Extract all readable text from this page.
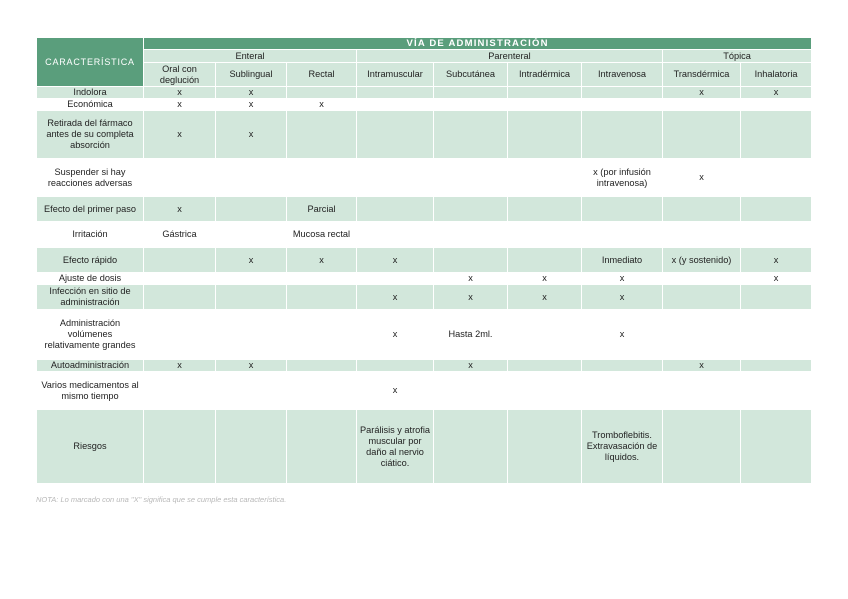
CARACTERÍSTICA	VÍA DE ADMINISTRACIÓN								
	Enteral			Parenteral				Tópica	
	Oral con deglución	Sublingual	Rectal	Intramuscular	Subcutánea	Intradérmica	Intravenosa	Transdérmica	Inhalatoria
Indolora	x	x						x	x
Económica	x	x	x						
Retirada del fármaco antes de su completa absorción	x	x							
Suspender si hay reacciones adversas							x (por infusión intravenosa)	x	
Efecto del primer paso	x		Parcial						
Irritación	Gástrica		Mucosa rectal						
Efecto rápido		x	x	x			Inmediato	x (y sostenido)	x
Ajuste de dosis					x	x	x		x
Infección en sitio de administración				x	x	x	x		
Administración volúmenes relativamente grandes				x	Hasta 2ml.		x		
Autoadministración	x	x			x			x	
Varios medicamentos al mismo tiempo				x					
Riesgos				Parálisis y atrofia muscular por daño al nervio ciático.			Tromboflebitis. Extravasación de líquidos.		
NOTA: Lo marcado con una "X" significa que se cumple esta característica.
